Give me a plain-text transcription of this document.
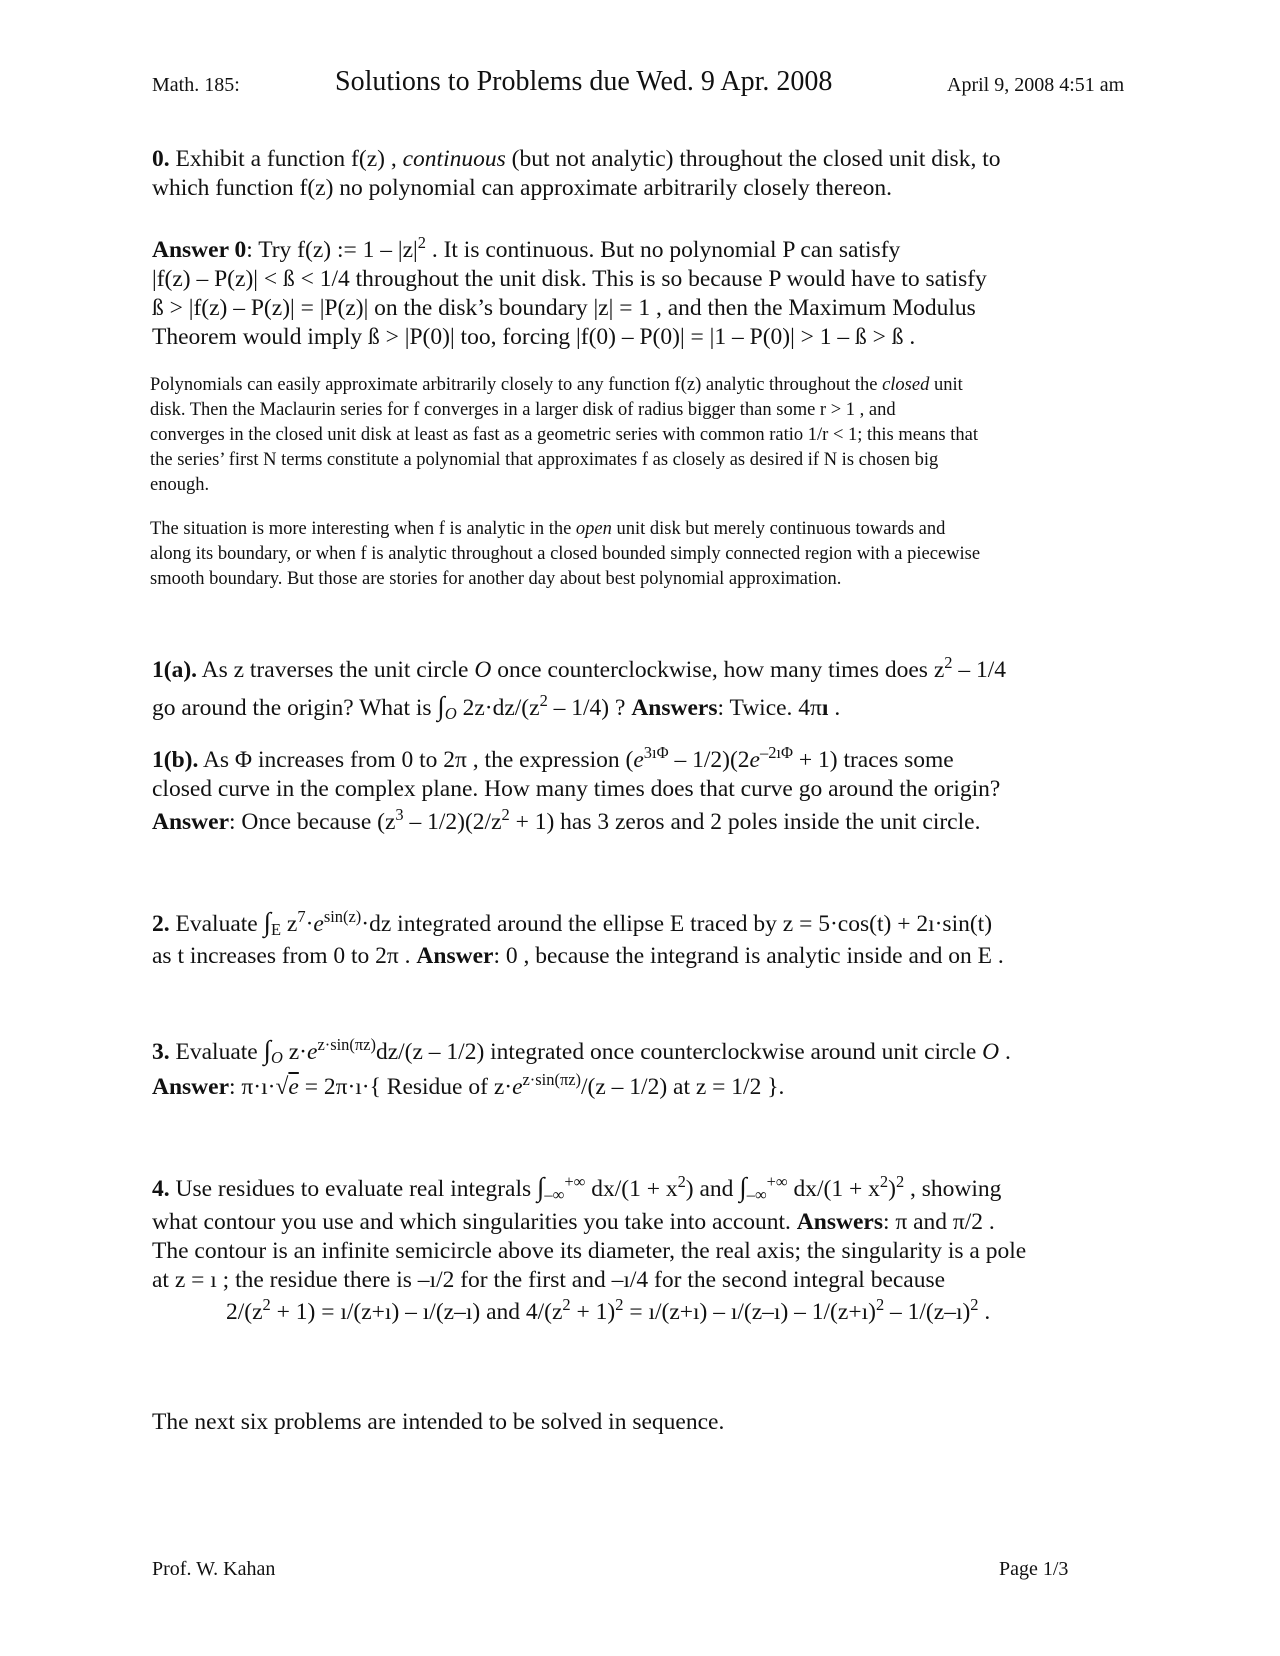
Math. 185:	Solutions to Problems due Wed. 9 Apr. 2008	April 9, 2008 4:51 am
0. Exhibit a function f(z) , continuous (but not analytic) throughout the closed unit disk, to
which function f(z) no polynomial can approximate arbitrarily closely thereon.
Answer 0: Try f(z) := $1 - |z|^2$ . It is continuous. But no polynomial P can satisfy
|f(z) – P(z)| < ß < 1/4 throughout the unit disk. This is so because P would have to satisfy
ß > |f(z) – P(z)| = |P(z)| on the disk’s boundary |z| = 1 , and then the Maximum Modulus
Theorem would imply ß > |P(0)| too, forcing |f(0) – P(0)| = |1 – P(0)| > 1 – ß > ß .
Polynomials can easily approximate arbitrarily closely to any function f(z) analytic throughout the closed unit
disk. Then the Maclaurin series for f converges in a larger disk of radius bigger than some r > 1 , and
converges in the closed unit disk at least as fast as a geometric series with common ratio 1/r < 1; this means that
the series’ first N terms constitute a polynomial that approximates f as closely as desired if N is chosen big
enough.
The situation is more interesting when f is analytic in the open unit disk but merely continuous towards and
along its boundary, or when f is analytic throughout a closed bounded simply connected region with a piecewise
smooth boundary. But those are stories for another day about best polynomial approximation.
1(a). As z traverses the unit circle O once counterclockwise, how many times does $z^2 - 1/4$
go around the origin? What is $\int_O$ $2z\cdot dz/(z^2 - 1/4)$ ? Answers: Twice. 4πı .
1(b). As Φ increases from 0 to 2π , the expression $(e^{3ı\Phi} - 1/2)(2e^{-2ı\Phi} + 1)$ traces some
closed curve in the complex plane. How many times does that curve go around the origin?
Answer: Once because $(z^3 - 1/2)(2/z^2 + 1)$ has 3 zeros and 2 poles inside the unit circle.
2. Evaluate $\int_E$ $z^7\cdot e^{sin(z)}\cdot dz$ integrated around the ellipse E traced by z = 5·cos(t) + 2ı·sin(t)
as t increases from 0 to 2π . Answer: 0 , because the integrand is analytic inside and on E .
3. Evaluate $\int_O$ $z\cdot e^{z\cdot sin(\pi z)}dz/(z - 1/2)$ integrated once counterclockwise around unit circle O .
Answer: π·ı·√e = 2π·ı·{ Residue of $z\cdot e^{z\cdot sin(\pi z)}/(z - 1/2)$ at z = 1/2 }.
4. Use residues to evaluate real integrals $\int_{-\infty}^{+\infty}$ $dx/(1 + x^2)$ and $\int_{-\infty}^{+\infty}$ $dx/(1 + x^2)^2$ , showing
what contour you use and which singularities you take into account. Answers: π and π/2 .
The contour is an infinite semicircle above its diameter, the real axis; the singularity is a pole
at z = ı ; the residue there is –ı/2 for the first and –ı/4 for the second integral because
$2/(z^2 + 1)$ = ı/(z+ı) – ı/(z–ı) and $4/(z^2 + 1)^2$ = ı/(z+ı) – ı/(z–ı) – 1/(z+ı)$^2$ – 1/(z–ı)$^2$ .
The next six problems are intended to be solved in sequence.
Prof. W. Kahan	Page 1/3
